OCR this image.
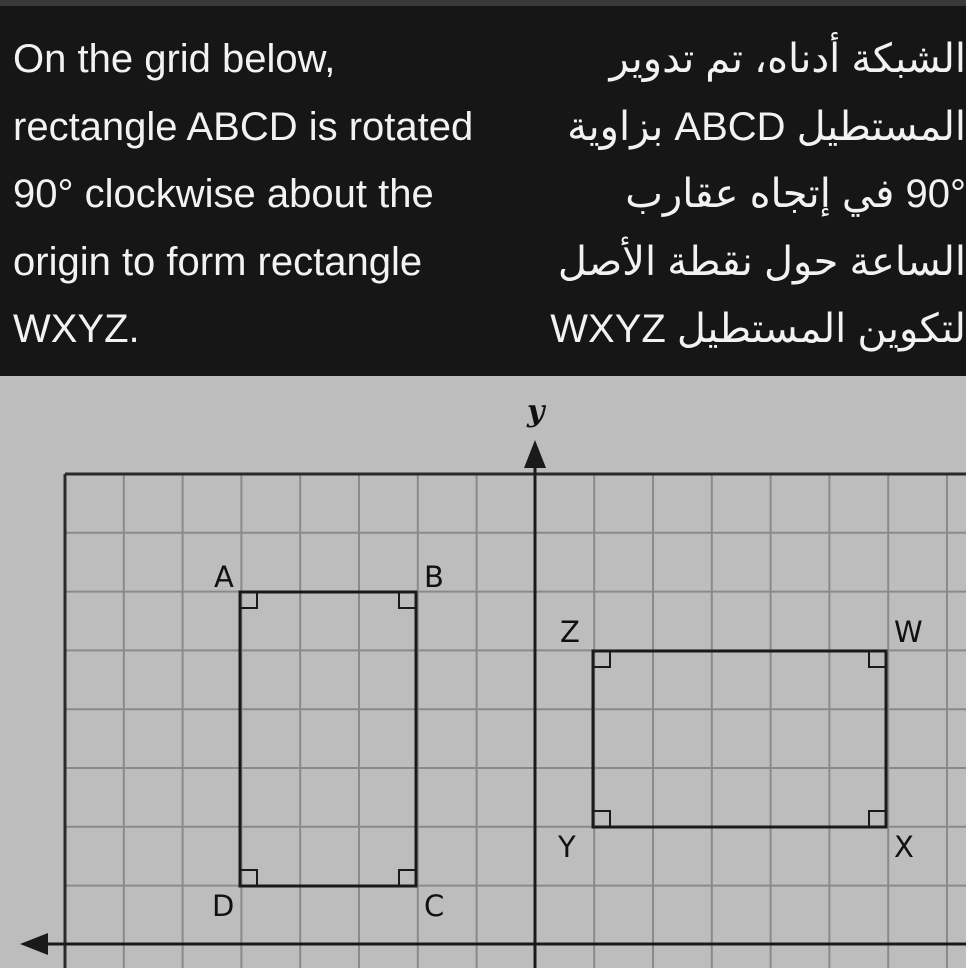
On the grid below,
rectangle ABCD is rotated
90° clockwise about the
origin to form rectangle
WXYZ.
الشبكة أدناه، تم تدوير
المستطيل ABCD بزاوية
90° في إتجاه عقارب
الساعة حول نقطة الأصل
لتكوين المستطيل WXYZ
y
A	B
C
D
Z	W
Y	X
